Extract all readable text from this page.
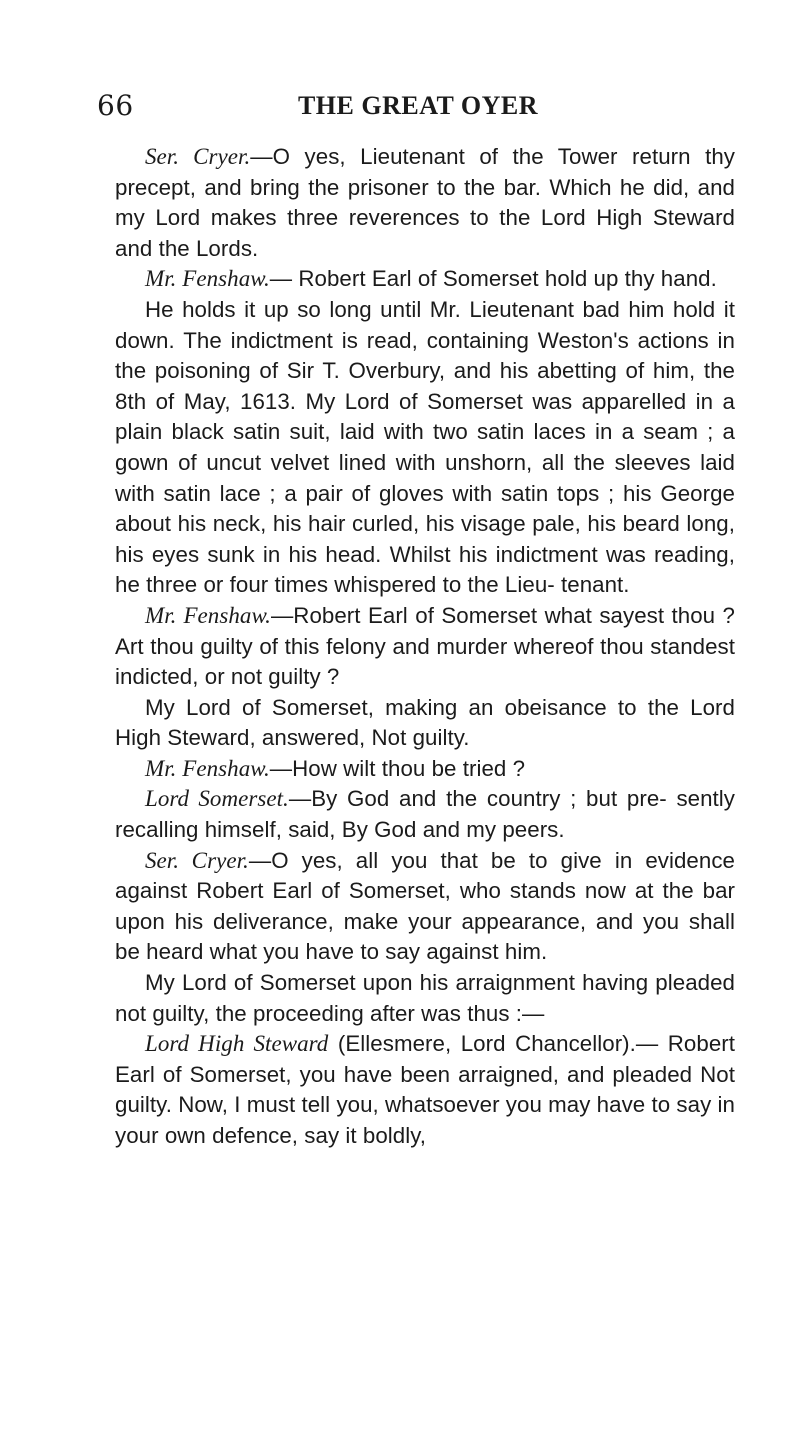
66	THE GREAT OYER

Ser. Cryer.—O yes, Lieutenant of the Tower return thy precept, and bring the prisoner to the bar. Which he did, and my Lord makes three reverences to the Lord High Steward and the Lords.

Mr. Fenshaw.— Robert Earl of Somerset hold up thy hand.

He holds it up so long until Mr. Lieutenant bad him hold it down. The indictment is read, containing Weston's actions in the poisoning of Sir T. Overbury, and his abetting of him, the 8th of May, 1613. My Lord of Somerset was apparelled in a plain black satin suit, laid with two satin laces in a seam ; a gown of uncut velvet lined with unshorn, all the sleeves laid with satin lace ; a pair of gloves with satin tops ; his George about his neck, his hair curled, his visage pale, his beard long, his eyes sunk in his head. Whilst his indictment was reading, he three or four times whispered to the Lieu- tenant.

Mr. Fenshaw.—Robert Earl of Somerset what sayest thou ? Art thou guilty of this felony and murder whereof thou standest indicted, or not guilty ?

My Lord of Somerset, making an obeisance to the Lord High Steward, answered, Not guilty.

Mr. Fenshaw.—How wilt thou be tried ?

Lord Somerset.—By God and the country ; but pre- sently recalling himself, said, By God and my peers.

Ser. Cryer.—O yes, all you that be to give in evidence against Robert Earl of Somerset, who stands now at the bar upon his deliverance, make your appearance, and you shall be heard what you have to say against him.

My Lord of Somerset upon his arraignment having pleaded not guilty, the proceeding after was thus :—

Lord High Steward (Ellesmere, Lord Chancellor).— Robert Earl of Somerset, you have been arraigned, and pleaded Not guilty. Now, I must tell you, whatsoever you may have to say in your own defence, say it boldly,
